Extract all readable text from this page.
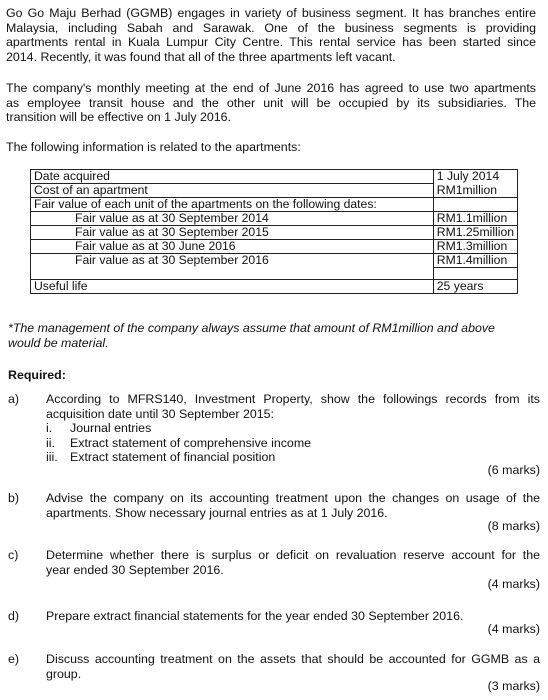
Go Go Maju Berhad (GGMB) engages in variety of business segment. It has branches entire
Malaysia, including Sabah and Sarawak. One of the business segments is providing
apartments rental in Kuala Lumpur City Centre. This rental service has been started since
2014. Recently, it was found that all of the three apartments left vacant.
The company's monthly meeting at the end of June 2016 has agreed to use two apartments
as employee transit house and the other unit will be occupied by its subsidiaries. The
transition will be effective on 1 July 2016.
The following information is related to the apartments:
Date acquired	1 July 2014
Cost of an apartment	RM1million
Fair value of each unit of the apartments on the following dates:	
Fair value as at 30 September 2014	RM1.1million
Fair value as at 30 September 2015	RM1.25million
Fair value as at 30 June 2016	RM1.3million
Fair value as at 30 September 2016	RM1.4million

Useful life	25 years
*The management of the company always assume that amount of RM1million and above
would be material.
Required:
a) According to MFRS140, Investment Property, show the followings records from its
acquisition date until 30 September 2015:
i. Journal entries
ii. Extract statement of comprehensive income
iii. Extract statement of financial position
(6 marks)
b) Advise the company on its accounting treatment upon the changes on usage of the
apartments. Show necessary journal entries as at 1 July 2016.
(8 marks)
c) Determine whether there is surplus or deficit on revaluation reserve account for the
year ended 30 September 2016.
(4 marks)
d) Prepare extract financial statements for the year ended 30 September 2016.
(4 marks)
e) Discuss accounting treatment on the assets that should be accounted for GGMB as a
group.
(3 marks)
